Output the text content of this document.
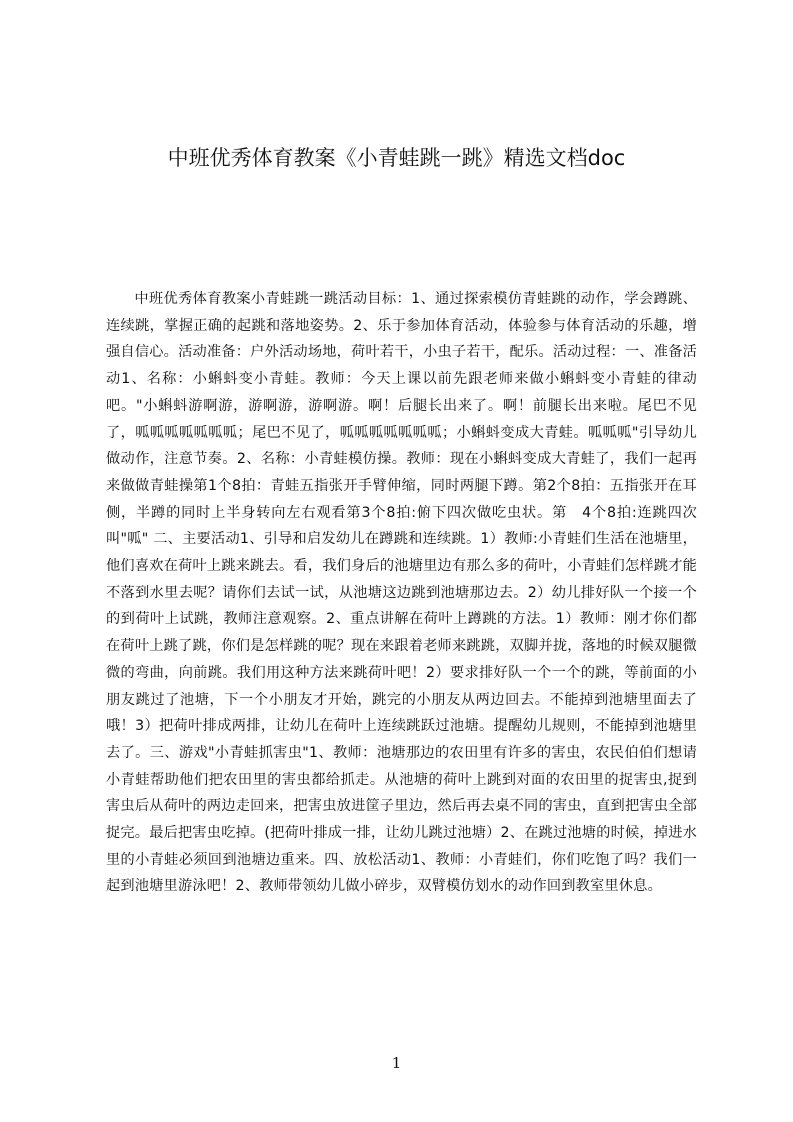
中班优秀体育教案《小青蛙跳一跳》精选文档doc
中班优秀体育教案小青蛙跳一跳活动目标：1、通过探索模仿青蛙跳的动作，学会蹲跳、连续跳，掌握正确的起跳和落地姿势。2、乐于参加体育活动，体验参与体育活动的乐趣，增强自信心。活动准备：户外活动场地，荷叶若干，小虫子若干，配乐。活动过程：一、准备活动1、名称：小蝌蚪变小青蛙。教师：今天上课以前先跟老师来做小蝌蚪变小青蛙的律动吧。"小蝌蚪游啊游，游啊游，游啊游。啊！后腿长出来了。啊！前腿长出来啦。尾巴不见了，呱呱呱呱呱呱呱；尾巴不见了，呱呱呱呱呱呱呱；小蝌蚪变成大青蛙。呱呱呱"引导幼儿做动作，注意节奏。2、名称：小青蛙模仿操。教师：现在小蝌蚪变成大青蛙了，我们一起再来做做青蛙操第1个8拍：青蛙五指张开手臂伸缩，同时两腿下蹲。第2个8拍：五指张开在耳侧，半蹲的同时上半身转向左右观看第3个8拍:俯下四次做吃虫状。第　4个8拍:连跳四次叫"呱" 二、主要活动1、引导和启发幼儿在蹲跳和连续跳。1）教师:小青蛙们生活在池塘里，他们喜欢在荷叶上跳来跳去。看，我们身后的池塘里边有那么多的荷叶，小青蛙们怎样跳才能不落到水里去呢？请你们去试一试，从池塘这边跳到池塘那边去。2）幼儿排好队一个接一个的到荷叶上试跳，教师注意观察。2、重点讲解在荷叶上蹲跳的方法。1）教师：刚才你们都在荷叶上跳了跳，你们是怎样跳的呢？现在来跟着老师来跳跳，双脚并拢，落地的时候双腿微微的弯曲，向前跳。我们用这种方法来跳荷叶吧！2）要求排好队一个一个的跳，等前面的小朋友跳过了池塘，下一个小朋友才开始，跳完的小朋友从两边回去。不能掉到池塘里面去了哦！3）把荷叶排成两排，让幼儿在荷叶上连续跳跃过池塘。提醒幼儿规则，不能掉到池塘里去了。三、游戏"小青蛙抓害虫"1、教师：池塘那边的农田里有许多的害虫，农民伯伯们想请小青蛙帮助他们把农田里的害虫都给抓走。从池塘的荷叶上跳到对面的农田里的捉害虫,捉到害虫后从荷叶的两边走回来，把害虫放进筐子里边，然后再去桌不同的害虫，直到把害虫全部捉完。最后把害虫吃掉。(把荷叶排成一排，让幼儿跳过池塘）2、在跳过池塘的时候，掉进水里的小青蛙必须回到池塘边重来。四、放松活动1、教师：小青蛙们，你们吃饱了吗？我们一起到池塘里游泳吧！2、教师带领幼儿做小碎步，双臂模仿划水的动作回到教室里休息。
1
